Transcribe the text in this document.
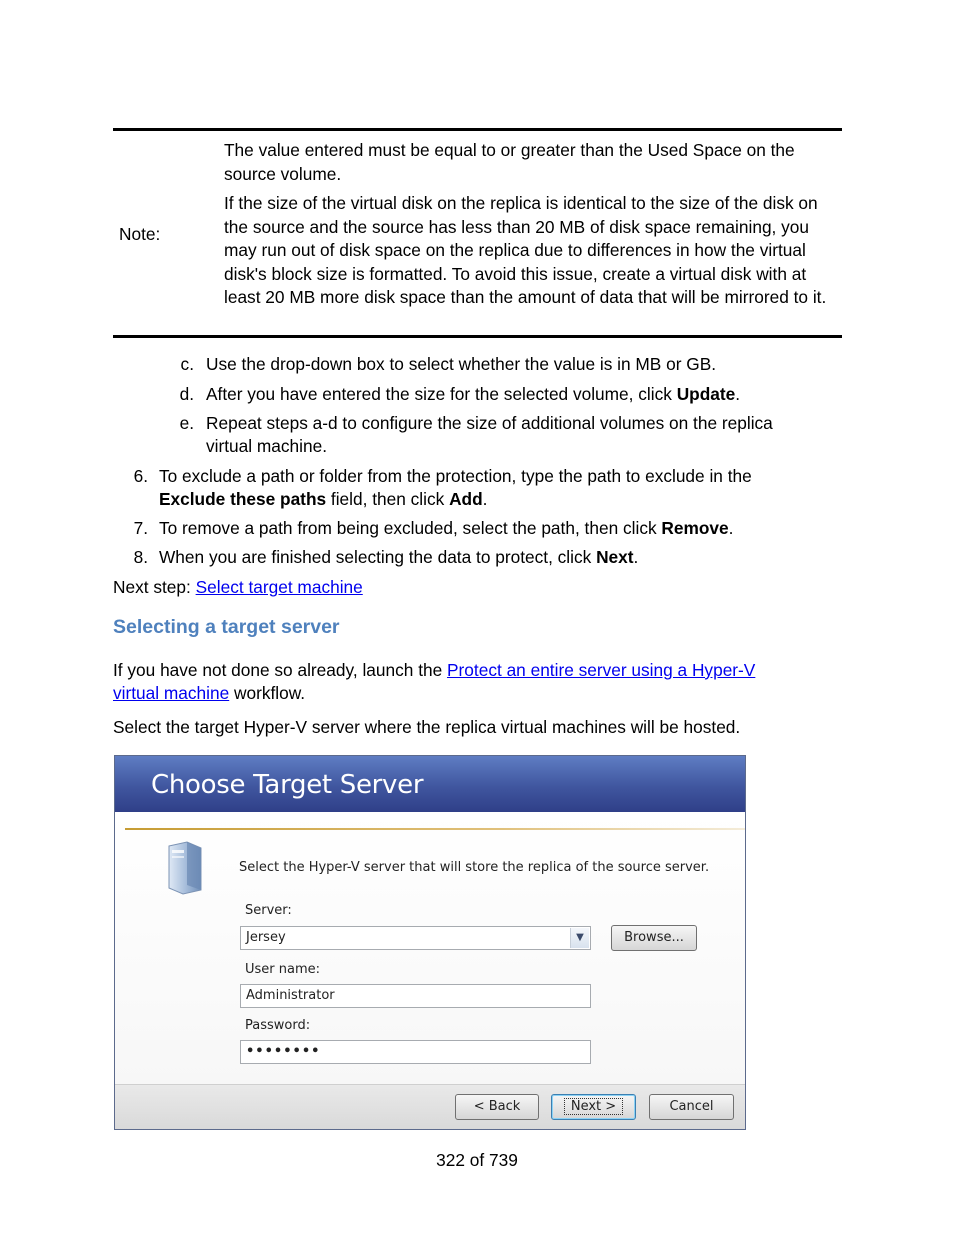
Note:

The value entered must be equal to or greater than the Used Space on the source volume.

If the size of the virtual disk on the replica is identical to the size of the disk on the source and the source has less than 20 MB of disk space remaining, you may run out of disk space on the replica due to differences in how the virtual disk's block size is formatted. To avoid this issue, create a virtual disk with at least 20 MB more disk space than the amount of data that will be mirrored to it.

c. Use the drop-down box to select whether the value is in MB or GB.
d. After you have entered the size for the selected volume, click Update.
e. Repeat steps a-d to configure the size of additional volumes on the replica
virtual machine.
6. To exclude a path or folder from the protection, type the path to exclude in the
Exclude these paths field, then click Add.
7. To remove a path from being excluded, select the path, then click Remove.
8. When you are finished selecting the data to protect, click Next.
Next step: Select target machine
Selecting a target server
If you have not done so already, launch the Protect an entire server using a Hyper-V
virtual machine workflow.
Select the target Hyper-V server where the replica virtual machines will be hosted.
Choose Target Server
Select the Hyper-V server that will store the replica of the source server.
Server:
Jersey	▼	Browse...
User name:
Administrator
Password:
••••••••
< Back	Next >	Cancel
322 of 739
